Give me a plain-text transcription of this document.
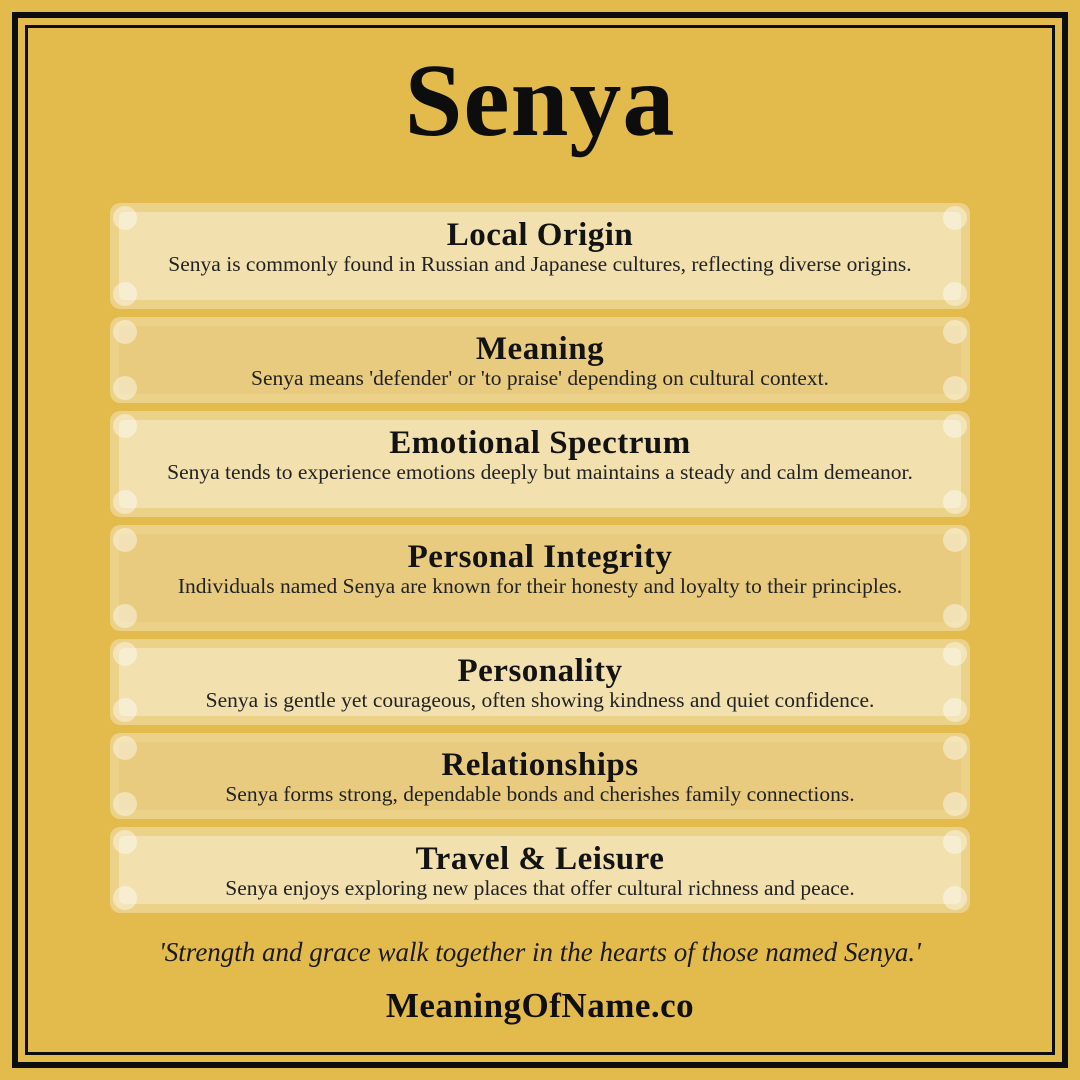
Senya
Local Origin
Senya is commonly found in Russian and Japanese cultures, reflecting diverse origins.
Meaning
Senya means 'defender' or 'to praise' depending on cultural context.
Emotional Spectrum
Senya tends to experience emotions deeply but maintains a steady and calm demeanor.
Personal Integrity
Individuals named Senya are known for their honesty and loyalty to their principles.
Personality
Senya is gentle yet courageous, often showing kindness and quiet confidence.
Relationships
Senya forms strong, dependable bonds and cherishes family connections.
Travel & Leisure
Senya enjoys exploring new places that offer cultural richness and peace.
'Strength and grace walk together in the hearts of those named Senya.'
MeaningOfName.co
